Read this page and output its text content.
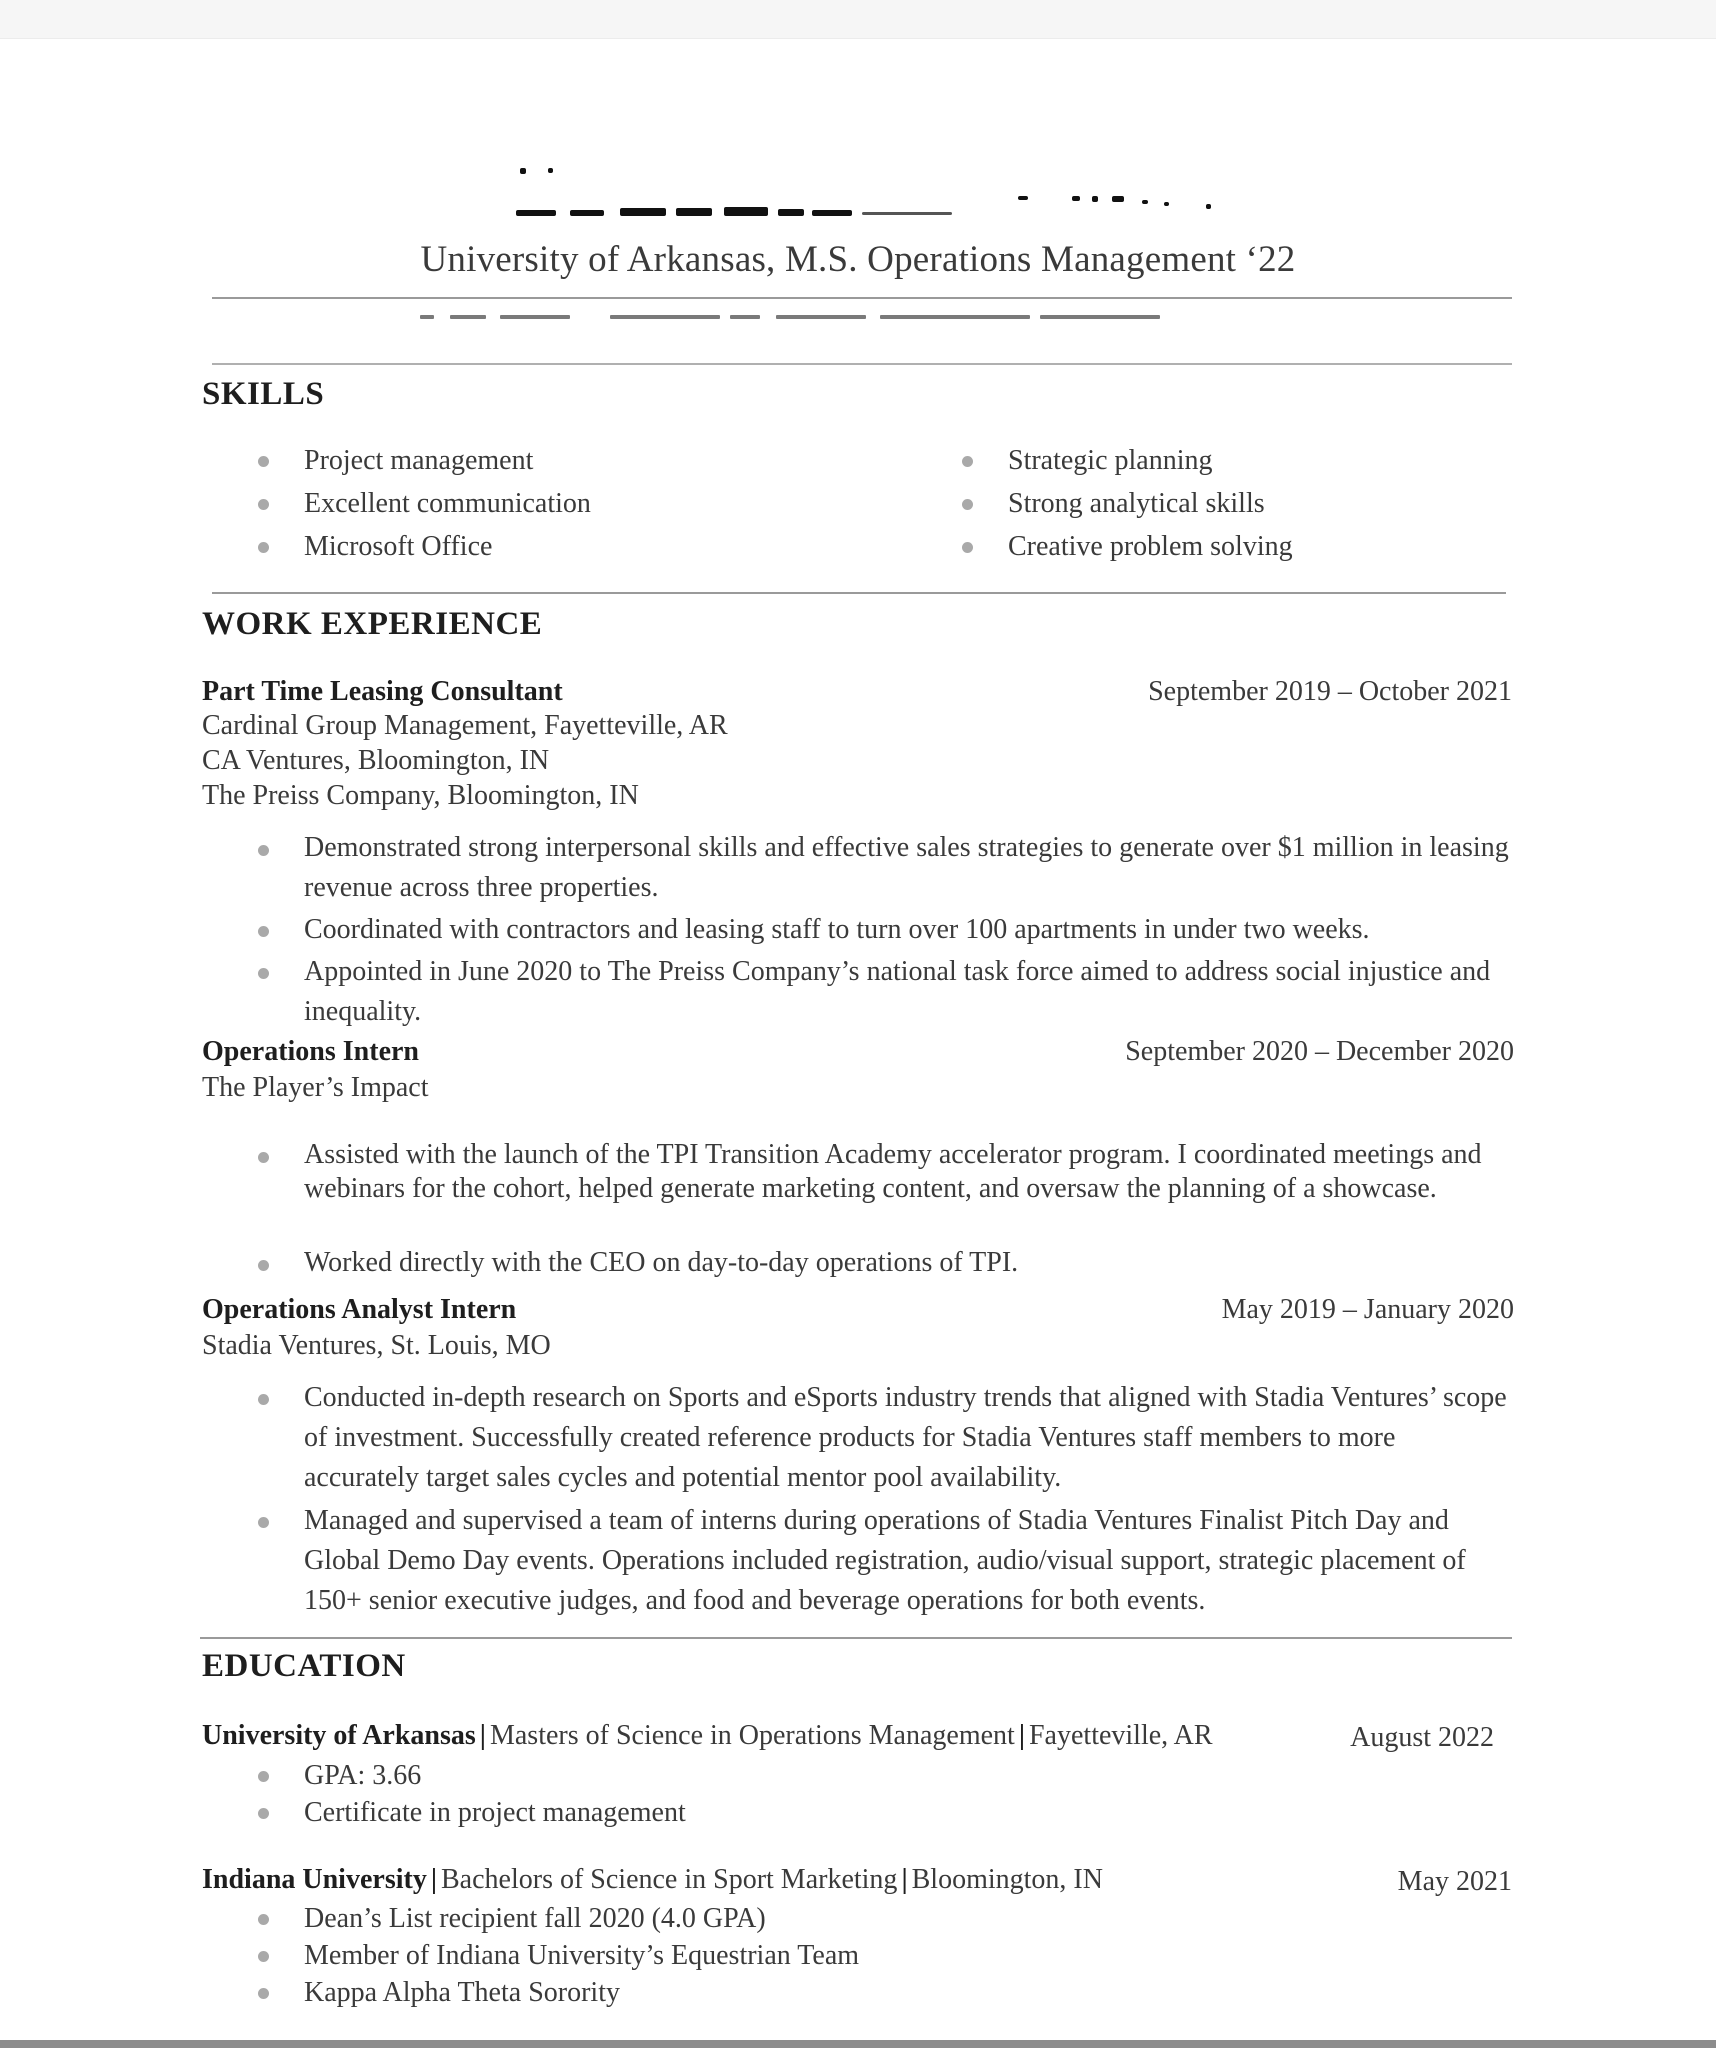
University of Arkansas, M.S. Operations Management ‘22
SKILLS
Project management
Excellent communication
Microsoft Office
Strategic planning
Strong analytical skills
Creative problem solving
WORK EXPERIENCE
Part Time Leasing Consultant	September 2019 – October 2021
Cardinal Group Management, Fayetteville, AR
CA Ventures, Bloomington, IN
The Preiss Company, Bloomington, IN
Demonstrated strong interpersonal skills and effective sales strategies to generate over $1 million in leasing revenue across three properties.
Coordinated with contractors and leasing staff to turn over 100 apartments in under two weeks.
Appointed in June 2020 to The Preiss Company’s national task force aimed to address social injustice and inequality.
Operations Intern	September 2020 – December 2020
The Player’s Impact
Assisted with the launch of the TPI Transition Academy accelerator program. I coordinated meetings and webinars for the cohort, helped generate marketing content, and oversaw the planning of a showcase.
Worked directly with the CEO on day-to-day operations of TPI.
Operations Analyst Intern	May 2019 – January 2020
Stadia Ventures, St. Louis, MO
Conducted in-depth research on Sports and eSports industry trends that aligned with Stadia Ventures’ scope of investment. Successfully created reference products for Stadia Ventures staff members to more accurately target sales cycles and potential mentor pool availability.
Managed and supervised a team of interns during operations of Stadia Ventures Finalist Pitch Day and Global Demo Day events. Operations included registration, audio/visual support, strategic placement of 150+ senior executive judges, and food and beverage operations for both events.
EDUCATION
University of Arkansas | Masters of Science in Operations Management | Fayetteville, AR	August 2022
GPA: 3.66
Certificate in project management
Indiana University | Bachelors of Science in Sport Marketing | Bloomington, IN	May 2021
Dean’s List recipient fall 2020 (4.0 GPA)
Member of Indiana University’s Equestrian Team
Kappa Alpha Theta Sorority
